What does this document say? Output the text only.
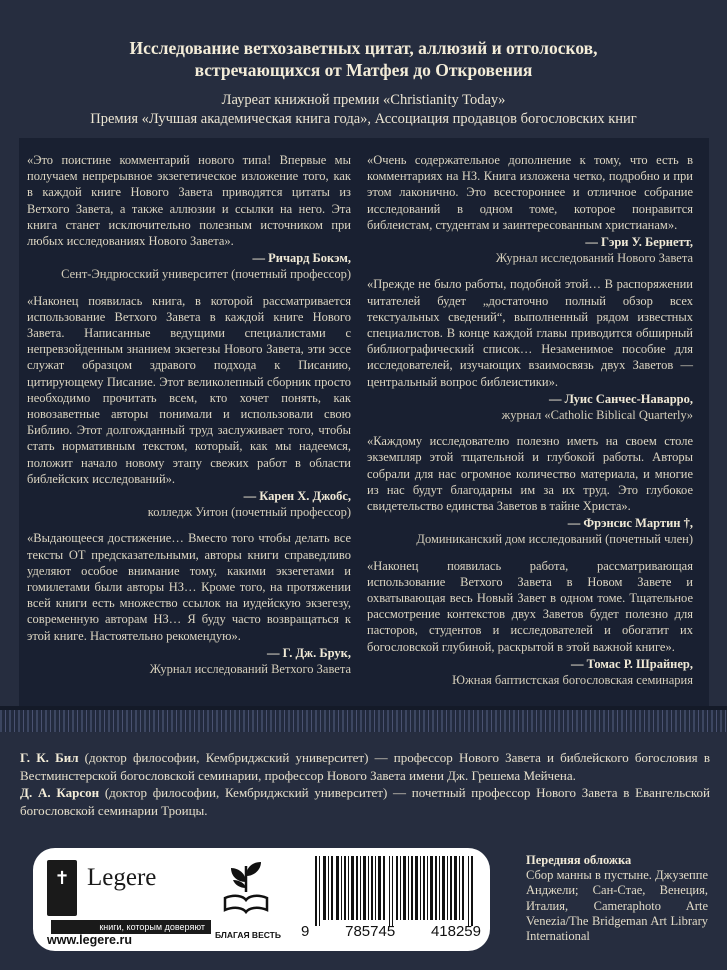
Исследование ветхозаветных цитат, аллюзий и отголосков,
встречающихся от Матфея до Откровения
Лауреат книжной премии «Christianity Today»
Премия «Лучшая академическая книга года», Ассоциация продавцов богословских книг

«Это поистине комментарий нового типа! Впервые мы получаем непрерывное экзегетическое изложение того, как в каждой книге Нового Завета приводятся цитаты из Ветхого Завета, а также аллюзии и ссылки на него. Эта книга станет исключительно полезным источником при любых исследованиях Нового Завета».

— Ричард Бокэм,
Сент-Эндрюсский университет (почетный профессор)

«Наконец появилась книга, в которой рассматривается использование Ветхого Завета в каждой книге Нового Завета. Написанные ведущими специалистами с непревзойденным знанием экзегезы Нового Завета, эти эссе служат образцом здравого подхода к Писанию, цитирующему Писание. Этот великолепный сборник просто необходимо прочитать всем, кто хочет понять, как новозаветные авторы понимали и использовали свою Библию. Этот долгожданный труд заслуживает того, чтобы стать нормативным текстом, который, как мы надеемся, положит начало новому этапу свежих работ в области библейских исследований».

— Карен Х. Джобс,
колледж Уитон (почетный профессор)

«Выдающееся достижение… Вместо того чтобы делать все тексты ОТ предсказательными, авторы книги справедливо уделяют особое внимание тому, какими экзегетами и гомилетами были авторы НЗ… Кроме того, на протяжении всей книги есть множество ссылок на иудейскую экзегезу, современную авторам НЗ… Я буду часто возвращаться к этой книге. Настоятельно рекомендую».

— Г. Дж. Брук,
Журнал исследований Ветхого Завета

«Очень содержательное дополнение к тому, что есть в комментариях на НЗ. Книга изложена четко, подробно и при этом лаконично. Это всестороннее и отличное собрание исследований в одном томе, которое понравится библеистам, студентам и заинтересованным христианам».

— Гэри У. Бернетт,
Журнал исследований Нового Завета

«Прежде не было работы, подобной этой… В распоряжении читателей будет „достаточно полный обзор всех текстуальных сведений“, выполненный рядом известных специалистов. В конце каждой главы приводится обширный библиографический список… Незаменимое пособие для исследователей, изучающих взаимосвязь двух Заветов — центральный вопрос библеистики».

— Луис Санчес-Наварро,
журнал «Catholic Biblical Quarterly»

«Каждому исследователю полезно иметь на своем столе экземпляр этой тщательной и глубокой работы. Авторы собрали для нас огромное количество материала, и многие из нас будут благодарны им за их труд. Это глубокое свидетельство единства Заветов в тайне Христа».

— Фрэнсис Мартин †,
Доминиканский дом исследований (почетный член)

«Наконец появилась работа, рассматривающая использование Ветхого Завета в Новом Завете и охватывающая весь Новый Завет в одном томе. Тщательное рассмотрение контекстов двух Заветов будет полезно для пасторов, студентов и исследователей и обогатит их богословской глубиной, раскрытой в этой важной книге».

— Томас Р. Шрайнер,
Южная баптистская богословская семинария

Г. К. Бил (доктор философии, Кембриджский университет) — профессор Нового Завета и библейского богословия в Вестминстерской богословской семинарии, профессор Нового Завета имени Дж. Грешема Мейчена.

Д. А. Карсон (доктор философии, Кембриджский университет) — почетный профессор Нового Завета в Евангельской богословской семинарии Троицы.

✝ Legere
книги, которым доверяют
www.legere.ru	БЛАГАЯ ВЕСТЬ 9 785745 418259

Передняя обложка

Сбор манны в пустыне. Джузеппе Анджели; Сан-Стае, Венеция, Италия, Cameraphoto Arte Venezia/The Bridgeman Art Library International
